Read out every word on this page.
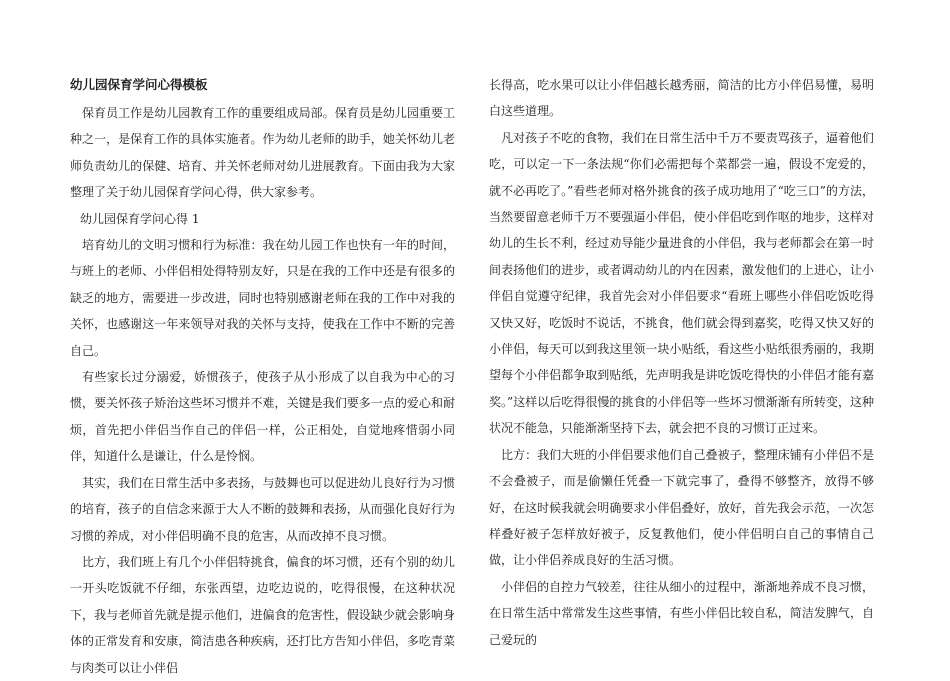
幼儿园保育学问心得模板

保育员工作是幼儿园教育工作的重要组成局部。保育员是幼儿园重要工种之一，是保育工作的具体实施者。作为幼儿老师的助手，她关怀幼儿老师负责幼儿的保健、培育、并关怀老师对幼儿进展教育。下面由我为大家整理了关于幼儿园保育学问心得，供大家参考。

幼儿园保育学问心得 1

培育幼儿的文明习惯和行为标准：我在幼儿园工作也快有一年的时间，与班上的老师、小伴侣相处得特别友好，只是在我的工作中还是有很多的缺乏的地方，需要进一步改进，同时也特别感谢老师在我的工作中对我的关怀，也感谢这一年来领导对我的关怀与支持，使我在工作中不断的完善自己。

有些家长过分溺爱，娇惯孩子，使孩子从小形成了以自我为中心的习惯，要关怀孩子矫治这些坏习惯并不难，关键是我们要多一点的爱心和耐烦，首先把小伴侣当作自己的伴侣一样，公正相处，自觉地疼惜弱小同伴，知道什么是谦让，什么是怜悯。

其实，我们在日常生活中多表扬，与鼓舞也可以促进幼儿良好行为习惯的培育，孩子的自信念来源于大人不断的鼓舞和表扬，从而强化良好行为习惯的养成，对小伴侣明确不良的危害，从而改掉不良习惯。

比方，我们班上有几个小伴侣特挑食，偏食的坏习惯，还有个别的幼儿一开头吃饭就不仔细，东张西望，边吃边说的，吃得很慢，在这种状况下，我与老师首先就是提示他们，进偏食的危害性，假设缺少就会影响身体的正常发育和安康，简洁患各种疾病，还打比方告知小伴侣，多吃青菜与肉类可以让小伴侣

长得高，吃水果可以让小伴侣越长越秀丽，简洁的比方小伴侣易懂，易明白这些道理。

凡对孩子不吃的食物，我们在日常生活中千万不要责骂孩子，逼着他们吃，可以定一下一条法规“你们必需把每个菜都尝一遍，假设不宠爱的，就不必再吃了。”看些老师对格外挑食的孩子成功地用了“吃三口”的方法，当然要留意老师千万不要强逼小伴侣，使小伴侣吃到作呕的地步，这样对幼儿的生长不利，经过劝导能少量进食的小伴侣，我与老师都会在第一时间表扬他们的进步，或者调动幼儿的内在因素，激发他们的上进心，让小伴侣自觉遵守纪律，我首先会对小伴侣要求“看班上哪些小伴侣吃饭吃得又快又好，吃饭时不说话，不挑食，他们就会得到嘉奖，吃得又快又好的小伴侣，每天可以到我这里领一块小贴纸，看这些小贴纸很秀丽的，我期望每个小伴侣都争取到贴纸，先声明我是讲吃饭吃得快的小伴侣才能有嘉奖。”这样以后吃得很慢的挑食的小伴侣等一些坏习惯渐渐有所转变，这种状况不能急，只能渐渐坚持下去，就会把不良的习惯订正过来。

比方：我们大班的小伴侣要求他们自己叠被子，整理床铺有小伴侣不是不会叠被子，而是偷懒任凭叠一下就完事了，叠得不够整齐，放得不够好，在这时候我就会明确要求小伴侣叠好，放好，首先我会示范，一次怎样叠好被子怎样放好被子，反复教他们，使小伴侣明白自己的事情自己做，让小伴侣养成良好的生活习惯。

小伴侣的自控力气较差，往往从细小的过程中，渐渐地养成不良习惯，在日常生活中常常发生这些事情，有些小伴侣比较自私，简洁发脾气，自己爱玩的
